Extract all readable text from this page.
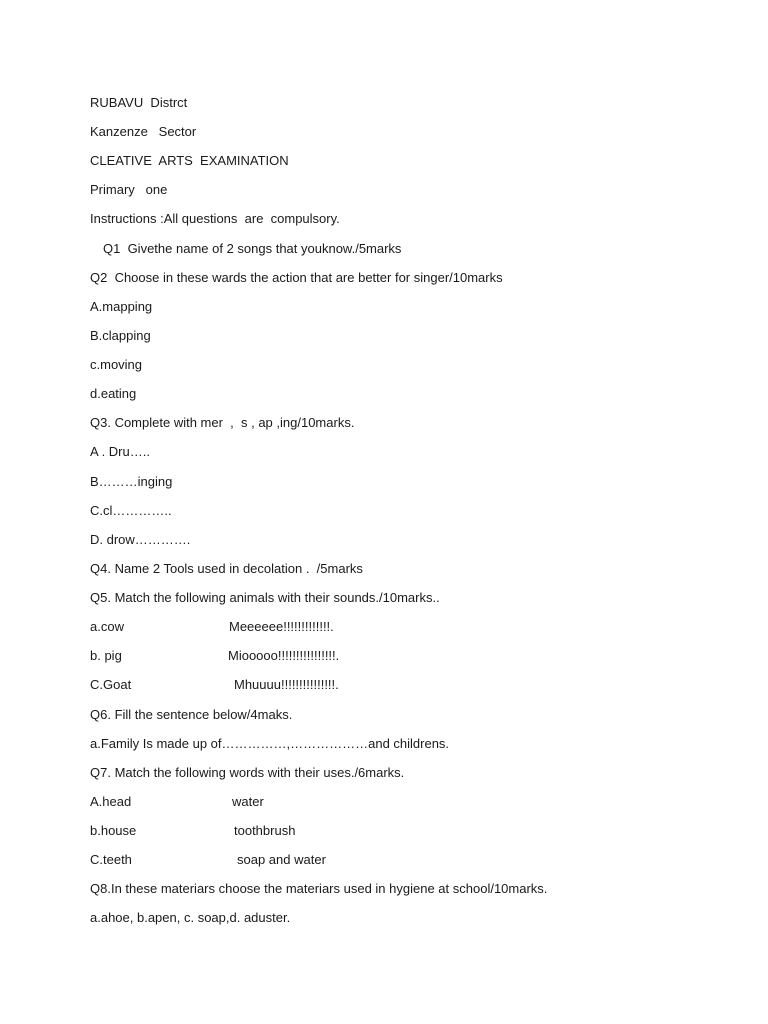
RUBAVU  Distrct
Kanzenze   Sector
CLEATIVE  ARTS  EXAMINATION
Primary   one
Instructions :All questions  are  compulsory.
Q1  Givethe name of 2 songs that youknow./5marks
Q2  Choose in these wards the action that are better for singer/10marks
A.mapping
B.clapping
c.moving
d.eating
Q3. Complete with mer  ,  s , ap ,ing/10marks.
A . Dru…..
B………inging
C.cl…………..
D. drow………….
Q4. Name 2 Tools used in decolation .  /5marks
Q5. Match the following animals with their sounds./10marks..
a.cow	Meeeeee!!!!!!!!!!!!!.
b. pig	Miooooo!!!!!!!!!!!!!!!!.
C.Goat	Mhuuuu!!!!!!!!!!!!!!!.
Q6. Fill the sentence below/4maks.
a.Family Is made up of……………,………………and childrens.
Q7. Match the following words with their uses./6marks.
A.head	water
b.house	toothbrush
C.teeth	soap and water
Q8.In these materiars choose the materiars used in hygiene at school/10marks.
a.ahoe, b.apen, c. soap,d. aduster.
